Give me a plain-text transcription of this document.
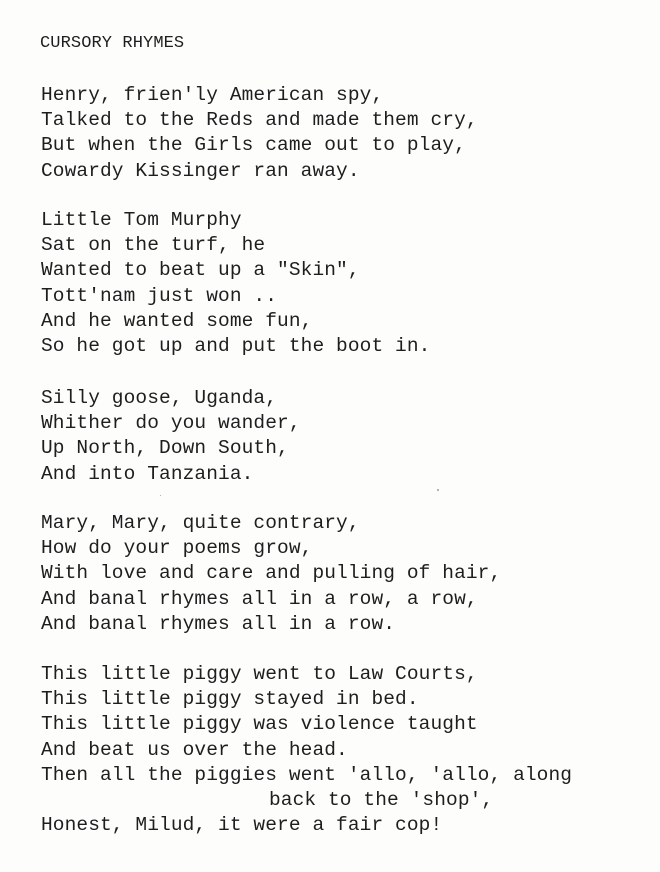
CURSORY RHYMES
Henry, frien'ly American spy,
Talked to the Reds and made them cry,
But when the Girls came out to play,
Cowardy Kissinger ran away.
Little Tom Murphy
Sat on the turf, he
Wanted to beat up a "Skin",
Tott'nam just won ..
And he wanted some fun,
So he got up and put the boot in.
Silly goose, Uganda,
Whither do you wander,
Up North, Down South,
And into Tanzania.
Mary, Mary, quite contrary,
How do your poems grow,
With love and care and pulling of hair,
And banal rhymes all in a row, a row,
And banal rhymes all in a row.
This little piggy went to Law Courts,
This little piggy stayed in bed.
This little piggy was violence taught
And beat us over the head.
Then all the piggies went 'allo, 'allo, along
back to the 'shop',
Honest, Milud, it were a fair cop!
